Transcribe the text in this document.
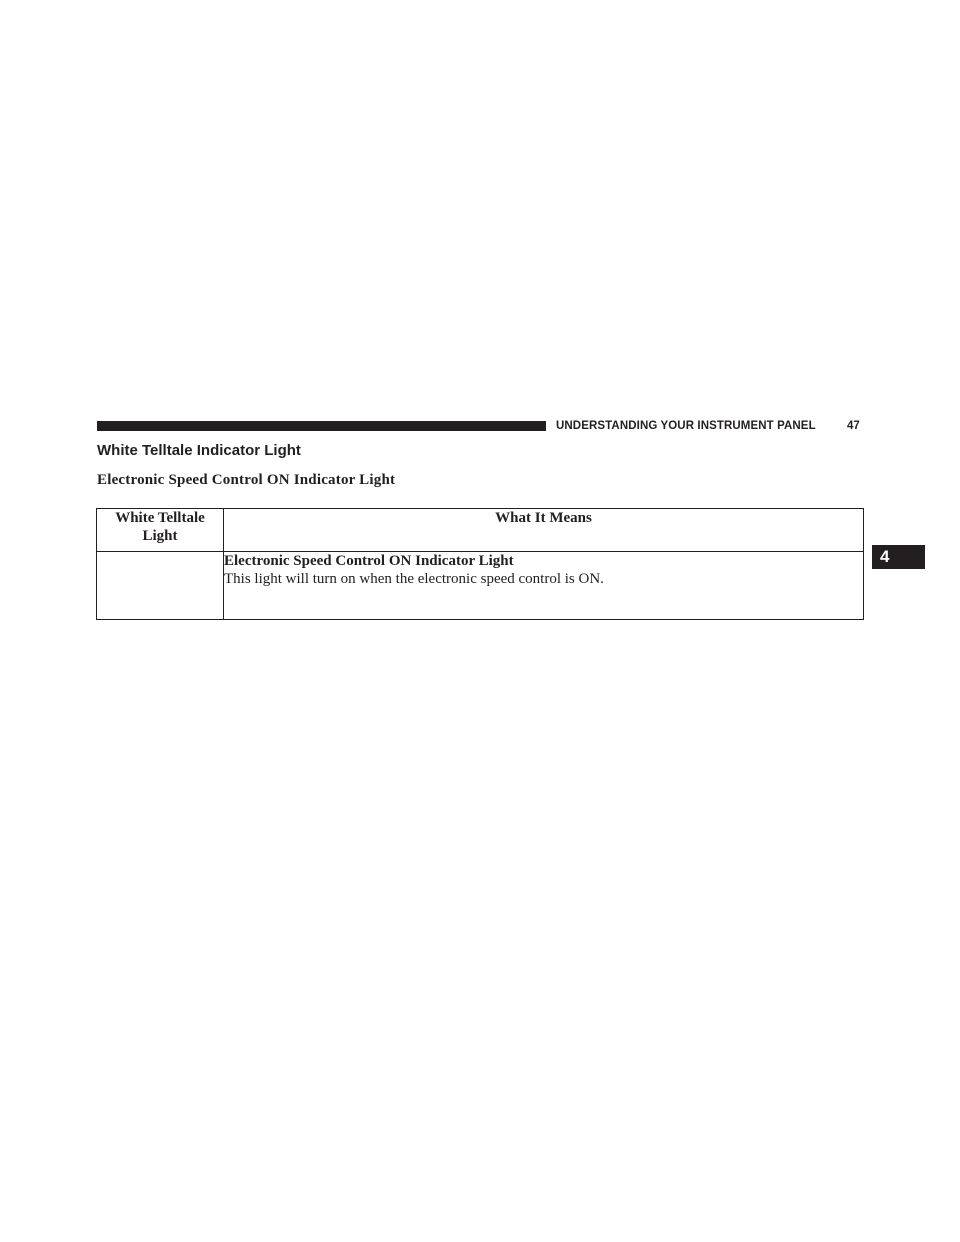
UNDERSTANDING YOUR INSTRUMENT PANEL	47
White Telltale Indicator Light
Electronic Speed Control ON Indicator Light
White Telltale Light	What It Means

	Electronic Speed Control ON Indicator Light
This light will turn on when the electronic speed control is ON.
4
